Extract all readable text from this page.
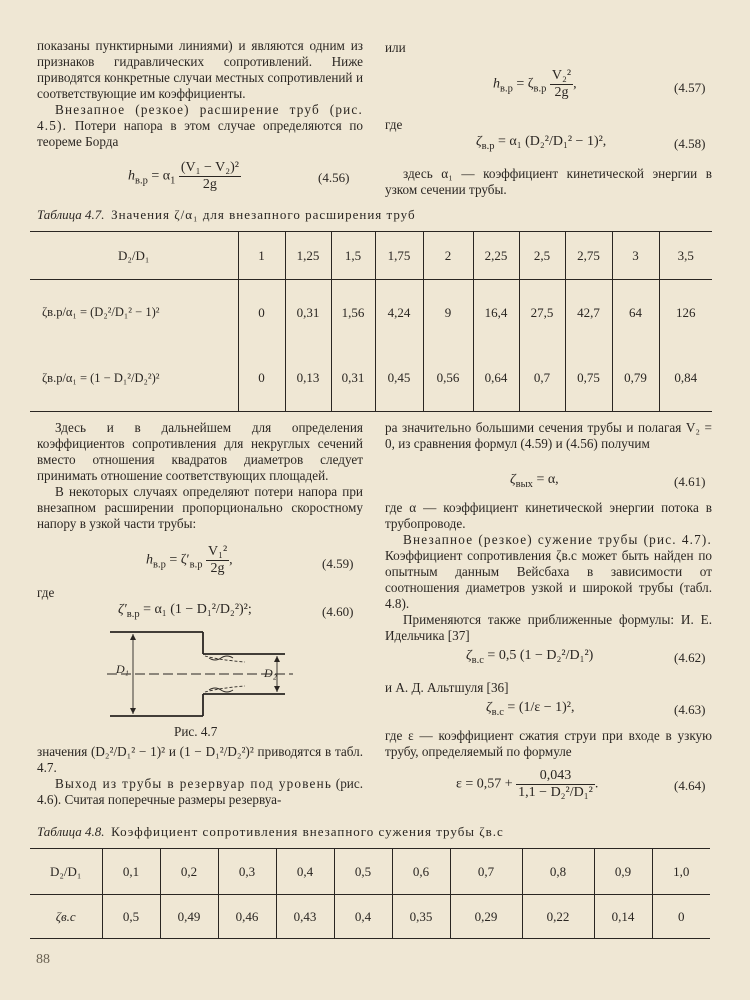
показаны пунктирными линиями) и являются одним из признаков гидравлических сопротивлений. Ниже приводятся конкретные случаи местных сопротивлений и соответствующие им коэффициенты.

Внезапное (резкое) расширение труб (рис. 4.5). Потери напора в этом случае определяются по теореме Борда

$h_{в.р} = \alpha_1 \frac{\text{(V₁ − V₂)²}}{2g}$	(4.56)
или
$h_{в.р} = \zeta_{в.р} \frac{\text{V₂²}}{2g}$ ,	(4.57)
где
$\zeta_{в.р} = \alpha_1$ (D₂²/D₁² − 1)²,	(4.58)

здесь α₁ — коэффициент кинетической энергии в узком сечении трубы.

Таблица 4.7. Значения ζ/α₁ для внезапного расширения труб
D₂/D₁	1	1,25	1,5	1,75	2	2,25	2,5	2,75	3	3,5
ζв.р/α₁ = (D₂²/D₁² − 1)²	0	0,31	1,56	4,24	9	16,4	27,5	42,7	64	126
ζв.р/α₁ = (1 − D₁²/D₂²)²	0	0,13	0,31	0,45	0,56	0,64	0,7	0,75	0,79	0,84

Здесь и в дальнейшем для определения коэффициентов сопротивления для некруглых сечений вместо отношения квадратов диаметров следует принимать отношение соответствующих площадей.

В некоторых случаях определяют потери напора при внезапном расширении пропорционально скоростному напору в узкой части трубы:

$h_{в.р} = \zeta'_{в.р} \frac{\text{V₁²}}{2g}$ ,	(4.59)
где
$\zeta'_{в.р} = \alpha_1$ (1 − D₁²/D₂²)²;	(4.60)
D₁	D₂
Рис. 4.7

значения (D₂²/D₁² − 1)² и (1 − D₁²/D₂²)² приводятся в табл. 4.7.

Выход из трубы в резервуар под уровень (рис. 4.6). Считая поперечные размеры резервуа-

ра значительно большими сечения трубы и полагая V₂ = 0, из сравнения формул (4.59) и (4.56) получим

$\zeta_{вых} = \alpha$,	(4.61)

где α — коэффициент кинетической энергии потока в трубопроводе.

Внезапное (резкое) сужение трубы (рис. 4.7). Коэффициент сопротивления ζв.с может быть найден по опытным данным Вейсбаха в зависимости от соотношения диаметров узкой и широкой трубы (табл. 4.8).

Применяются также приближенные формулы: И. Е. Идельчика [37]

$\zeta_{в.с} = 0,5$ (1 − D₂²/D₁²)	(4.62)
и А. Д. Альтшуля [36]
$\zeta_{в.с} = (1/\varepsilon - 1)^2$,	(4.63)

где ε — коэффициент сжатия струи при входе в узкую трубу, определяемый по формуле

$\varepsilon = 0,57 + \frac{0,043}{\text{1,1 − D₂²/D₁²}}$ .	(4.64)
Таблица 4.8. Коэффициент сопротивления внезапного сужения трубы ζв.с
D₂/D₁	0,1	0,2	0,3	0,4	0,5	0,6	0,7	0,8	0,9	1,0
ζв.с	0,5	0,49	0,46	0,43	0,4	0,35	0,29	0,22	0,14	0
88
